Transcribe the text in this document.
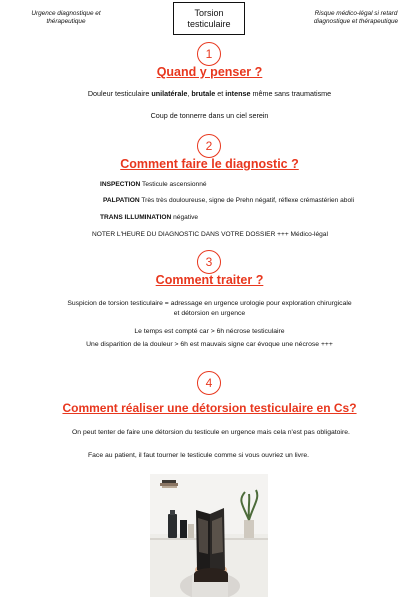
Urgence diagnostique et
thérapeutique
Torsion
testiculaire
Risque médico-légal si retard
diagnostique et thérapeutique
1
Quand y penser ?
Douleur testiculaire unilatérale, brutale et intense même sans traumatisme
Coup de tonnerre dans un ciel serein
2
Comment faire le diagnostic ?
INSPECTION Testicule ascensionné
PALPATION Très très douloureuse, signe de Prehn négatif, réflexe crémastérien aboli
TRANS ILLUMINATION négative
NOTER L'HEURE DU DIAGNOSTIC DANS VOTRE DOSSIER +++ Médico-légal
3
Comment traiter ?
Suspicion de torsion testiculaire = adressage en urgence urologie pour exploration chirurgicale
et détorsion en urgence
Le temps est compté car > 6h nécrose testiculaire
Une disparition de la douleur > 6h est mauvais signe car évoque une nécrose +++
4
Comment réaliser une détorsion testiculaire en Cs?
On peut tenter de faire une détorsion du testicule en urgence mais cela n'est pas obligatoire.
Face au patient, il faut tourner le testicule comme si vous ouvriez un livre.
